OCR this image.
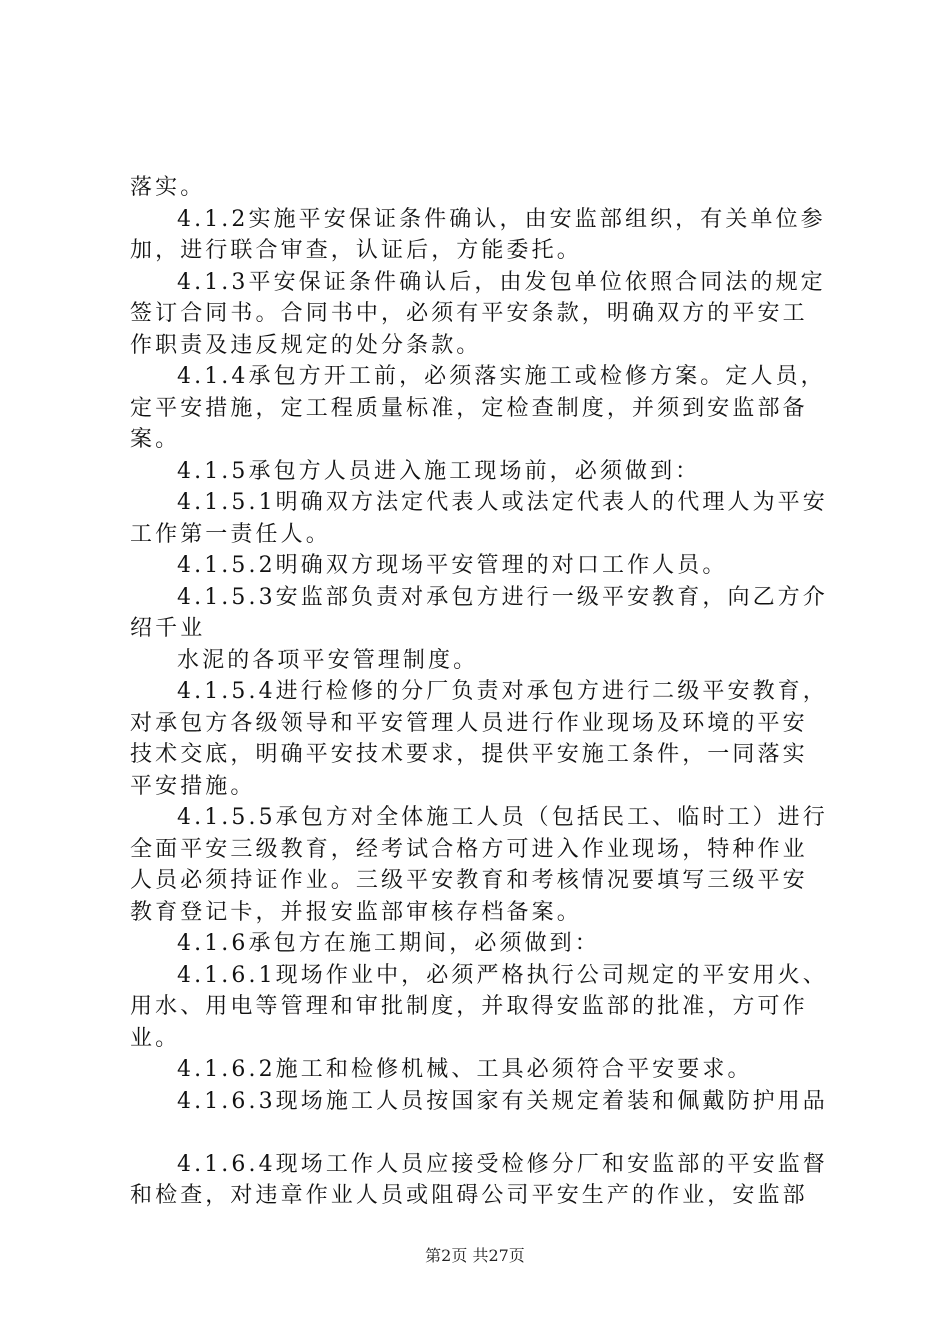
落实。
4.1.2实施平安保证条件确认，由安监部组织，有关单位参
加，进行联合审查，认证后，方能委托。
4.1.3平安保证条件确认后，由发包单位依照合同法的规定
签订合同书。合同书中，必须有平安条款，明确双方的平安工
作职责及违反规定的处分条款。
4.1.4承包方开工前，必须落实施工或检修方案。定人员，
定平安措施，定工程质量标准，定检查制度，并须到安监部备
案。
4.1.5承包方人员进入施工现场前，必须做到：
4.1.5.1明确双方法定代表人或法定代表人的代理人为平安
工作第一责任人。
4.1.5.2明确双方现场平安管理的对口工作人员。
4.1.5.3安监部负责对承包方进行一级平安教育，向乙方介
绍千业
水泥的各项平安管理制度。
4.1.5.4进行检修的分厂负责对承包方进行二级平安教育，
对承包方各级领导和平安管理人员进行作业现场及环境的平安
技术交底，明确平安技术要求，提供平安施工条件，一同落实
平安措施。
4.1.5.5承包方对全体施工人员（包括民工、临时工）进行
全面平安三级教育，经考试合格方可进入作业现场，特种作业
人员必须持证作业。三级平安教育和考核情况要填写三级平安
教育登记卡，并报安监部审核存档备案。
4.1.6承包方在施工期间，必须做到：
4.1.6.1现场作业中，必须严格执行公司规定的平安用火、
用水、用电等管理和审批制度，并取得安监部的批准，方可作
业。
4.1.6.2施工和检修机械、工具必须符合平安要求。
4.1.6.3现场施工人员按国家有关规定着装和佩戴防护用品
4.1.6.4现场工作人员应接受检修分厂和安监部的平安监督
和检查，对违章作业人员或阻碍公司平安生产的作业，安监部
第2页 共27页
